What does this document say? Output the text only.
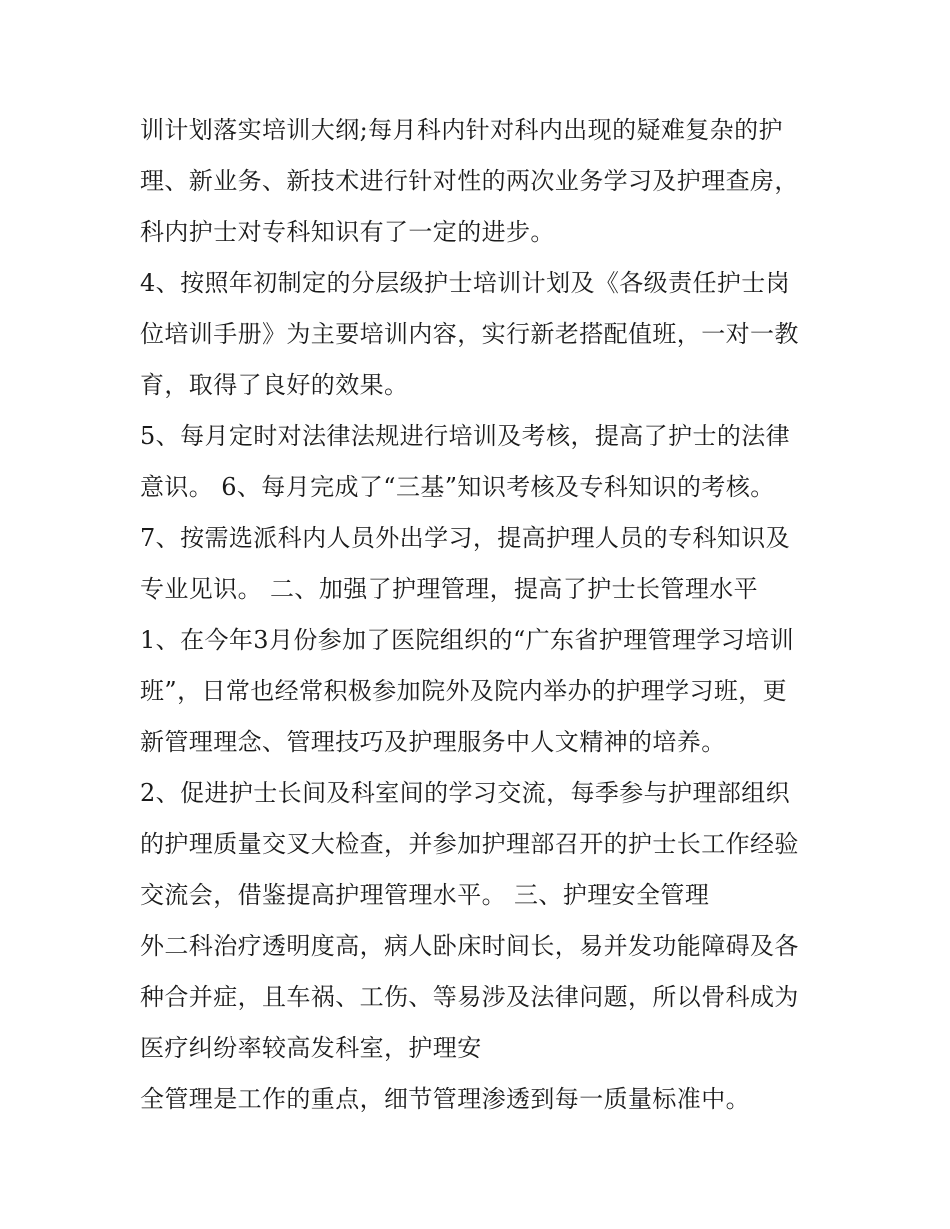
训计划落实培训大纲;每月科内针对科内出现的疑难复杂的护
理、新业务、新技术进行针对性的两次业务学习及护理查房，
科内护士对专科知识有了一定的进步。
4、按照年初制定的分层级护士培训计划及《各级责任护士岗
位培训手册》为主要培训内容，实行新老搭配值班，一对一教
育，取得了良好的效果。
5、每月定时对法律法规进行培训及考核，提高了护士的法律
意识。 6、每月完成了“三基”知识考核及专科知识的考核。
7、按需选派科内人员外出学习，提高护理人员的专科知识及
专业见识。 二、加强了护理管理，提高了护士长管理水平
1、在今年3月份参加了医院组织的“广东省护理管理学习培训
班”，日常也经常积极参加院外及院内举办的护理学习班，更
新管理理念、管理技巧及护理服务中人文精神的培养。
2、促进护士长间及科室间的学习交流，每季参与护理部组织
的护理质量交叉大检查，并参加护理部召开的护士长工作经验
交流会，借鉴提高护理管理水平。 三、护理安全管理
外二科治疗透明度高，病人卧床时间长，易并发功能障碍及各
种合并症，且车祸、工伤、等易涉及法律问题，所以骨科成为
医疗纠纷率较高发科室，护理安
全管理是工作的重点，细节管理渗透到每一质量标准中。
